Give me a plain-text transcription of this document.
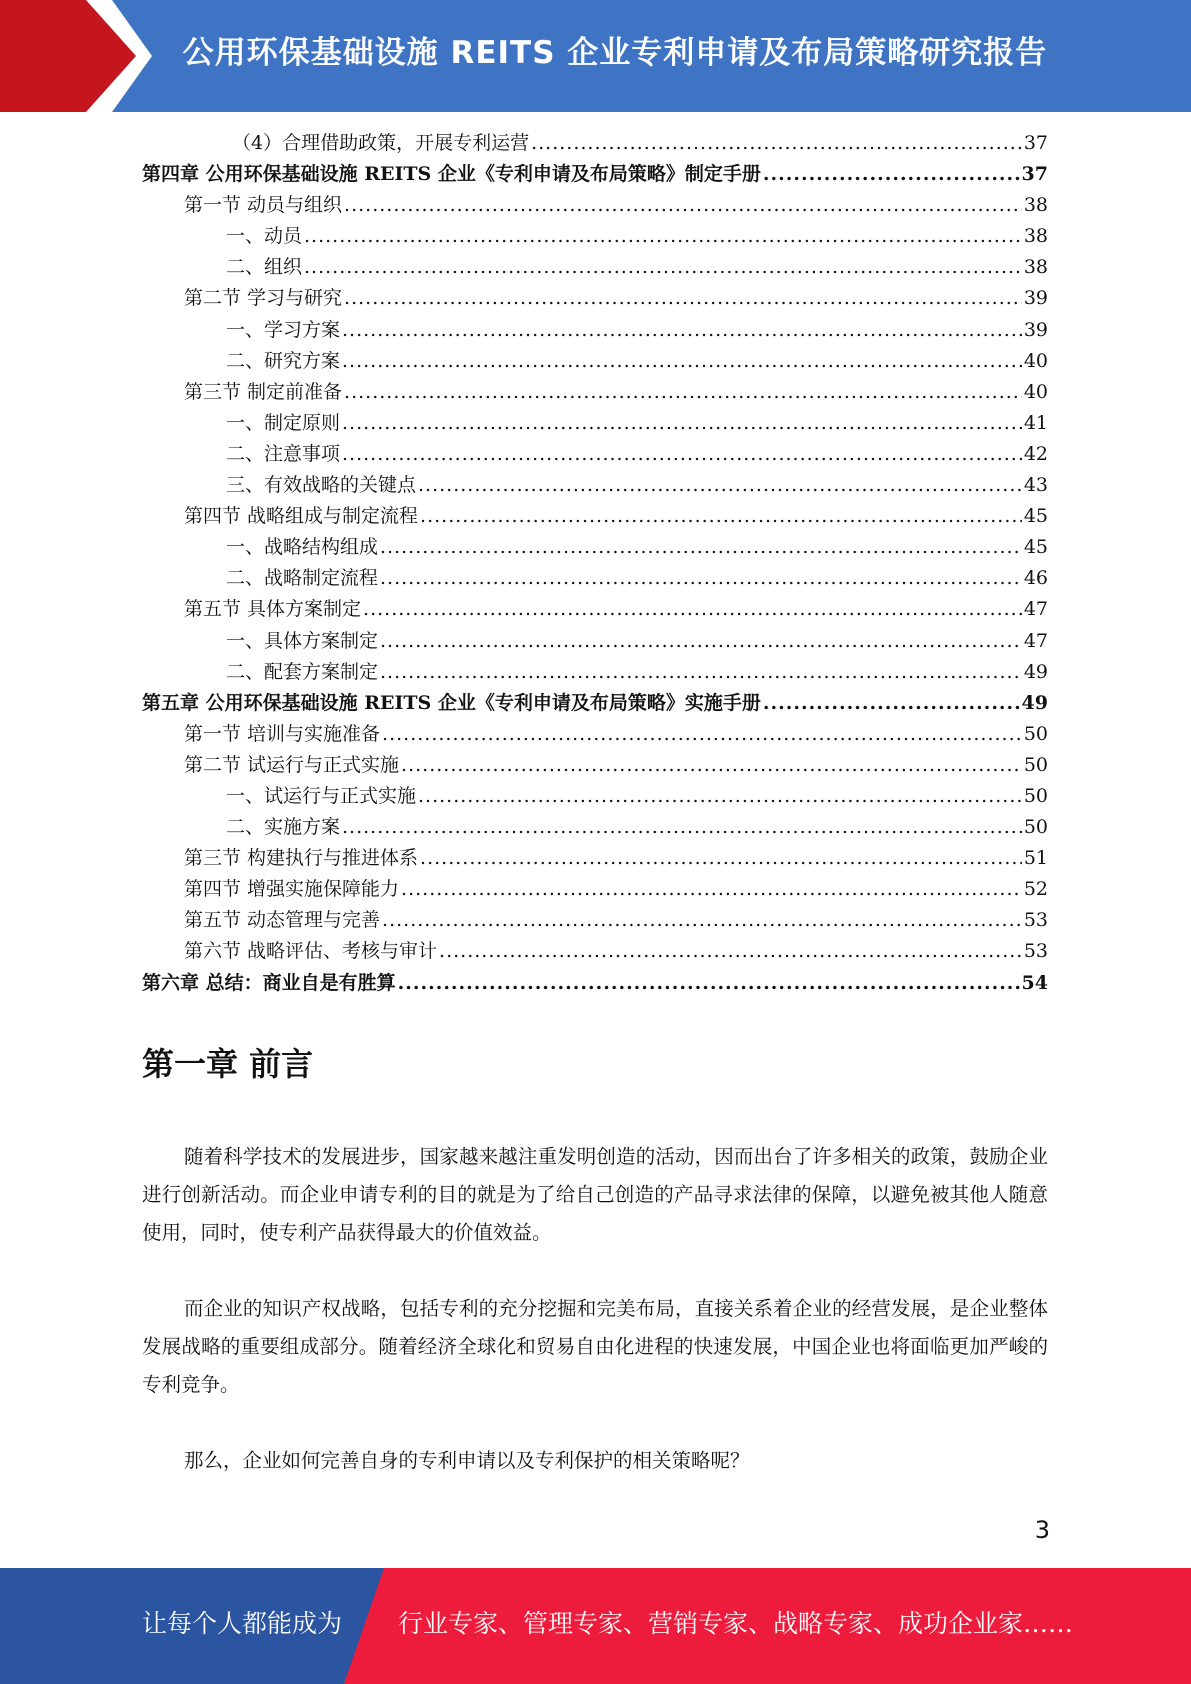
公用环保基础设施 REITS 企业专利申请及布局策略研究报告
（4）合理借助政策，开展专利运营 .....	37
第四章 公用环保基础设施 REITS 企业《专利申请及布局策略》制定手册 .....	37
第一节 动员与组织 .....	38
一、动员 .....	38
二、组织 .....	38
第二节 学习与研究 .....	39
一、学习方案 .....	39
二、研究方案 .....	40
第三节 制定前准备 .....	40
一、制定原则 .....	41
二、注意事项 .....	42
三、有效战略的关键点 .....	43
第四节 战略组成与制定流程 .....	45
一、战略结构组成 .....	45
二、战略制定流程 .....	46
第五节 具体方案制定 .....	47
一、具体方案制定 .....	47
二、配套方案制定 .....	49
第五章 公用环保基础设施 REITS 企业《专利申请及布局策略》实施手册 .....	49
第一节 培训与实施准备 .....	50
第二节 试运行与正式实施 .....	50
一、试运行与正式实施 .....	50
二、实施方案 .....	50
第三节 构建执行与推进体系 .....	51
第四节 增强实施保障能力 .....	52
第五节 动态管理与完善 .....	53
第六节 战略评估、考核与审计 .....	53
第六章 总结：商业自是有胜算 .....	54
第一章 前言

随着科学技术的发展进步，国家越来越注重发明创造的活动，因而出台了许多相关的政策，鼓励企业进行创新活动。而企业申请专利的目的就是为了给自己创造的产品寻求法律的保障，以避免被其他人随意使用，同时，使专利产品获得最大的价值效益。

而企业的知识产权战略，包括专利的充分挖掘和完美布局，直接关系着企业的经营发展，是企业整体发展战略的重要组成部分。随着经济全球化和贸易自由化进程的快速发展，中国企业也将面临更加严峻的专利竞争。

那么，企业如何完善自身的专利申请以及专利保护的相关策略呢？

3
让每个人都能成为 行业专家、管理专家、营销专家、战略专家、成功企业家……
